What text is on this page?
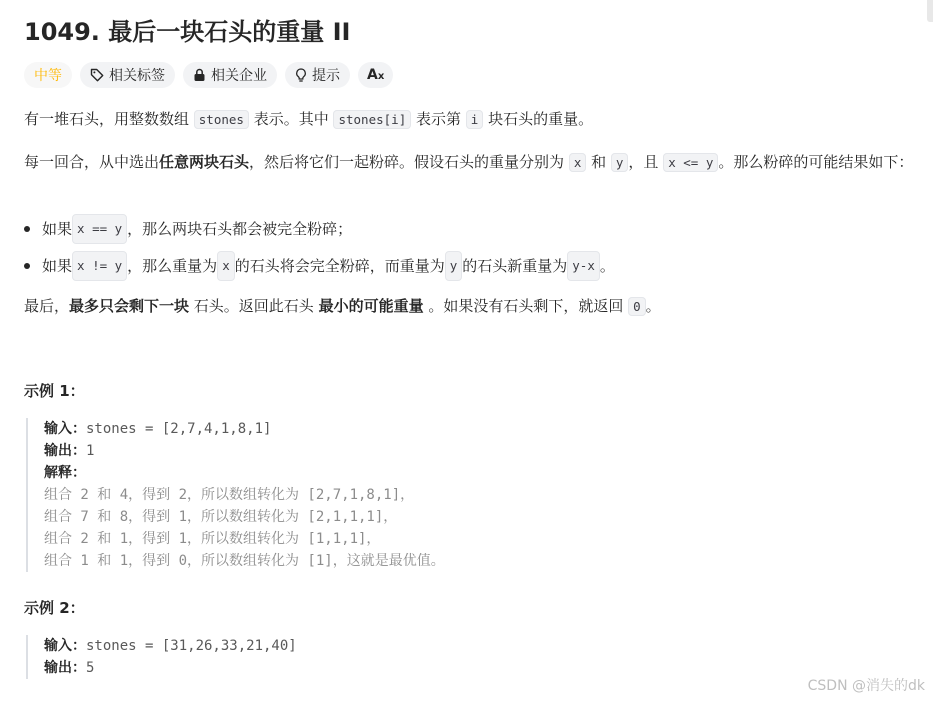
1049. 最后一块石头的重量 II
中等	相关标签	相关企业	提示 Ax
有一堆石头，用整数数组 stones 表示。其中 stones[i] 表示第 i 块石头的重量。
每一回合，从中选出任意两块石头，然后将它们一起粉碎。假设石头的重量分别为 x 和 y ，且 x <= y 。那么粉碎的可能结果如下：
如果 x == y ，那么两块石头都会被完全粉碎；
如果 x != y ，那么重量为 x 的石头将会完全粉碎，而重量为 y 的石头新重量为 y-x 。
最后，最多只会剩下一块 石头。返回此石头 最小的可能重量 。如果没有石头剩下，就返回 0 。
示例 1：
输入：stones = [2,7,4,1,8,1]
输出：1
解释：
组合 2 和 4，得到 2，所以数组转化为 [2,7,1,8,1]，
组合 7 和 8，得到 1，所以数组转化为 [2,1,1,1]，
组合 2 和 1，得到 1，所以数组转化为 [1,1,1]，
组合 1 和 1，得到 0，所以数组转化为 [1]，这就是最优值。
示例 2：
输入：stones = [31,26,33,21,40]
输出：5
CSDN @消失的dk
